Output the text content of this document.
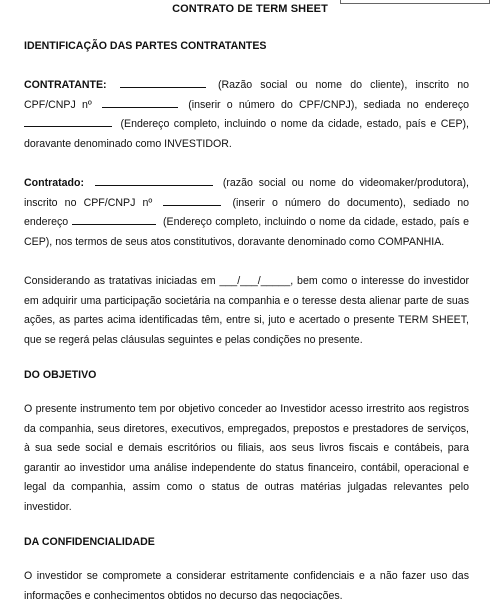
CONTRATO DE TERM SHEET

IDENTIFICAÇÃO DAS PARTES CONTRATANTES

CONTRATANTE:	(Razão social ou nome do cliente), inscrito no CPF/CNPJ nº	(inserir o número do CPF/CNPJ), sediada no endereço  (Endereço completo, incluindo o nome da cidade, estado, país e CEP), doravante denominado como INVESTIDOR.

Contratado:	(razão social ou nome do videomaker/produtora), inscrito no CPF/CNPJ nº	(inserir o número do documento), sediado no endereço	(Endereço completo, incluindo o nome da cidade, estado, país e CEP), nos termos de seus atos constitutivos, doravante denominado como COMPANHIA.

Considerando as tratativas iniciadas em ___/___/_____, bem como o interesse do investidor em adquirir uma participação societária na companhia e o teresse desta alienar parte de suas ações, as partes acima identificadas têm, entre si, juto e acertado o presente TERM SHEET, que se regerá pelas cláusulas seguintes e pelas condições no presente.

DO OBJETIVO

O presente instrumento tem por objetivo conceder ao Investidor acesso irrestrito aos registros da companhia, seus diretores, executivos, empregados, prepostos e prestadores de serviços, à sua sede social e demais escritórios ou filiais, aos seus livros fiscais e contábeis, para garantir ao investidor uma análise independente do status financeiro, contábil, operacional e legal da companhia, assim como o status de outras matérias julgadas relevantes pelo investidor.

DA CONFIDENCIALIDADE

O investidor se compromete a considerar estritamente confidenciais e a não fazer uso das informações e conhecimentos obtidos no decurso das negociações.
